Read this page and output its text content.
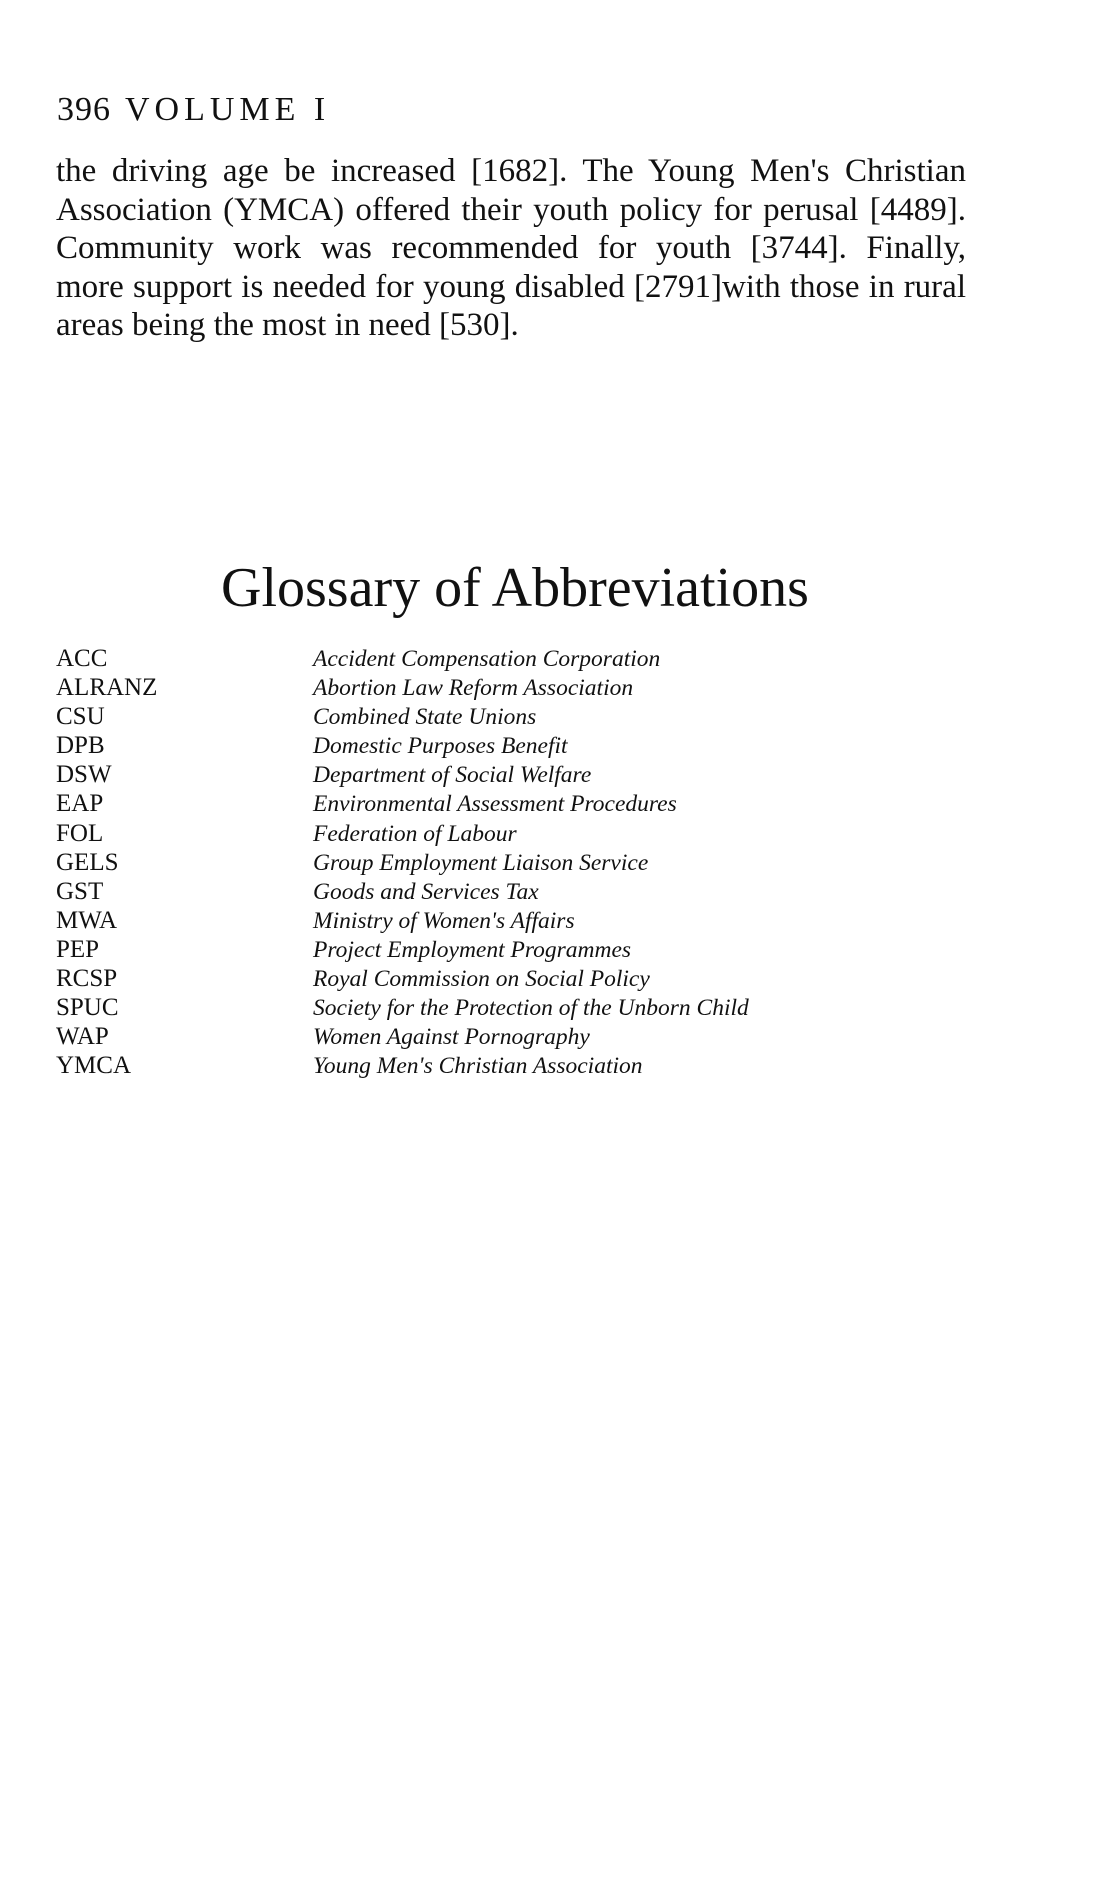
396 VOLUME I
the driving age be increased [1682]. The Young Men's Christian
Association (YMCA) offered their youth policy for perusal [4489].
Community work was recommended for youth [3744]. Finally,
more support is needed for young disabled [2791]with those in rural
areas being the most in need [530].
Glossary of Abbreviations
ACC	Accident Compensation Corporation
ALRANZ	Abortion Law Reform Association
CSU	Combined State Unions
DPB	Domestic Purposes Benefit
DSW	Department of Social Welfare
EAP	Environmental Assessment Procedures
FOL	Federation of Labour
GELS	Group Employment Liaison Service
GST	Goods and Services Tax
MWA	Ministry of Women's Affairs
PEP	Project Employment Programmes
RCSP	Royal Commission on Social Policy
SPUC	Society for the Protection of the Unborn Child
WAP	Women Against Pornography
YMCA	Young Men's Christian Association
